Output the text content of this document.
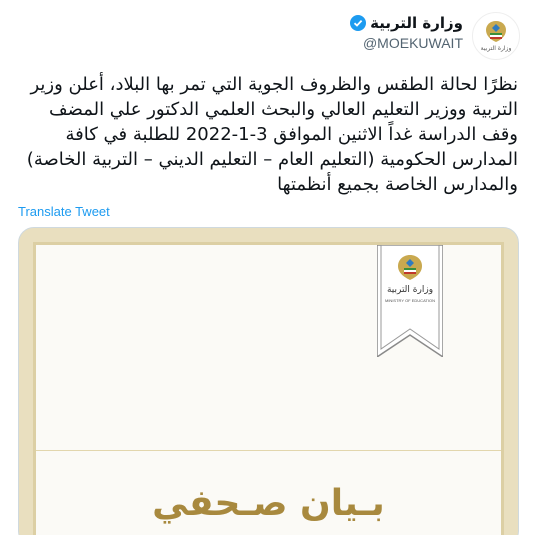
وزارة التربية
وزارة التربية
@MOEKUWAIT
نظرًا لحالة الطقس والظروف الجوية التي تمر بها البلاد، أعلن وزير التربية ووزير التعليم العالي والبحث العلمي الدكتور علي المضف وقف الدراسة غداً الاثنين الموافق 3-1-2022 للطلبة في كافة المدارس الحكومية (التعليم العام – التعليم الديني – التربية الخاصة) والمدارس الخاصة بجميع أنظمتها
Translate Tweet
وزارة التربية
MINISTRY OF EDUCATION
بـيان صـحفي
